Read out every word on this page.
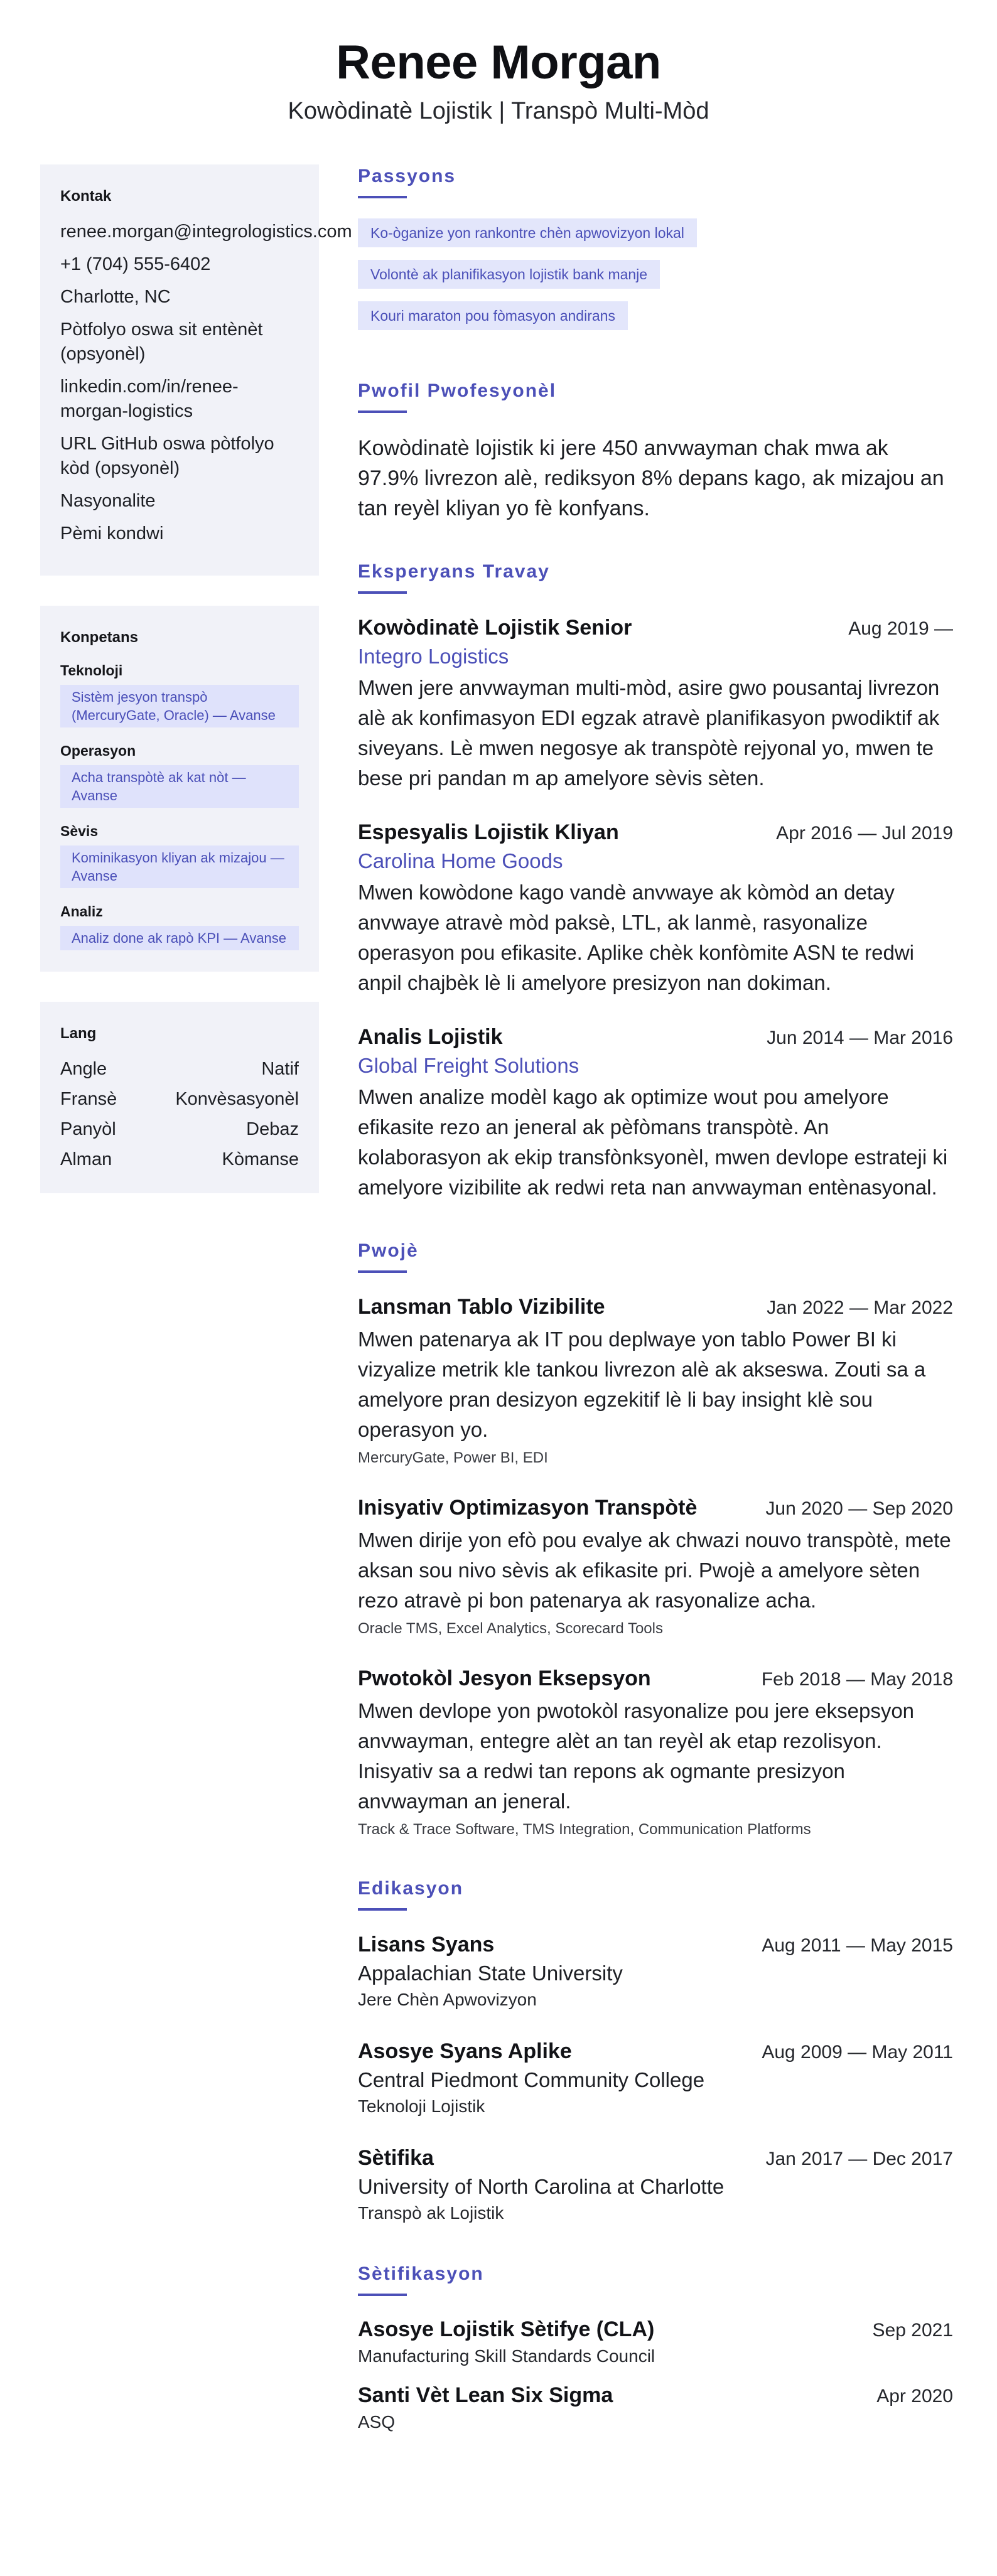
Renee Morgan
Kowòdinatè Lojistik | Transpò Multi-Mòd
Kontak
renee.morgan@integrologistics.com
+1 (704) 555-6402
Charlotte, NC
Pòtfolyo oswa sit entènèt (opsyonèl)
linkedin.com/in/renee-morgan-logistics
URL GitHub oswa pòtfolyo kòd (opsyonèl)
Nasyonalite
Pèmi kondwi
Konpetans
Teknoloji
Sistèm jesyon transpò (MercuryGate, Oracle) — Avanse
Operasyon
Acha transpòtè ak kat nòt — Avanse
Sèvis
Kominikasyon kliyan ak mizajou — Avanse
Analiz
Analiz done ak rapò KPI — Avanse
Lang
Angle	Natif
Fransè	Konvèsasyonèl
Panyòl	Debaz
Alman	Kòmanse
Passyons
Ko-òganize yon rankontre chèn apwovizyon lokal
Volontè ak planifikasyon lojistik bank manje
Kouri maraton pou fòmasyon andirans
Pwofil Pwofesyonèl

Kowòdinatè lojistik ki jere 450 anvwayman chak mwa ak 97.9% livrezon alè, rediksyon 8% depans kago, ak mizajou an tan reyèl kliyan yo fè konfyans.

Eksperyans Travay
Kowòdinatè Lojistik Senior	Aug 2019 —
Integro Logistics

Mwen jere anvwayman multi-mòd, asire gwo pousantaj livrezon alè ak konfimasyon EDI egzak atravè planifikasyon pwodiktif ak siveyans. Lè mwen negosye ak transpòtè rejyonal yo, mwen te bese pri pandan m ap amelyore sèvis sèten.

Espesyalis Lojistik Kliyan	Apr 2016 — Jul 2019
Carolina Home Goods

Mwen kowòdone kago vandè anvwaye ak kòmòd an detay anvwaye atravè mòd paksè, LTL, ak lanmè, rasyonalize operasyon pou efikasite. Aplike chèk konfòmite ASN te redwi anpil chajbèk lè li amelyore presizyon nan dokiman.

Analis Lojistik	Jun 2014 — Mar 2016
Global Freight Solutions

Mwen analize modèl kago ak optimize wout pou amelyore efikasite rezo an jeneral ak pèfòmans transpòtè. An kolaborasyon ak ekip transfònksyonèl, mwen devlope estrateji ki amelyore vizibilite ak redwi reta nan anvwayman entènasyonal.

Pwojè
Lansman Tablo Vizibilite	Jan 2022 — Mar 2022

Mwen patenarya ak IT pou deplwaye yon tablo Power BI ki vizyalize metrik kle tankou livrezon alè ak akseswa. Zouti sa a amelyore pran desizyon egzekitif lè li bay insight klè sou operasyon yo.

MercuryGate, Power BI, EDI
Inisyativ Optimizasyon Transpòtè	Jun 2020 — Sep 2020

Mwen dirije yon efò pou evalye ak chwazi nouvo transpòtè, mete aksan sou nivo sèvis ak efikasite pri. Pwojè a amelyore sèten rezo atravè pi bon patenarya ak rasyonalize acha.

Oracle TMS, Excel Analytics, Scorecard Tools
Pwotokòl Jesyon Eksepsyon	Feb 2018 — May 2018

Mwen devlope yon pwotokòl rasyonalize pou jere eksepsyon anvwayman, entegre alèt an tan reyèl ak etap rezolisyon. Inisyativ sa a redwi tan repons ak ogmante presizyon anvwayman an jeneral.

Track & Trace Software, TMS Integration, Communication Platforms
Edikasyon
Lisans Syans	Aug 2011 — May 2015
Appalachian State University
Jere Chèn Apwovizyon
Asosye Syans Aplike	Aug 2009 — May 2011
Central Piedmont Community College
Teknoloji Lojistik
Sètifika	Jan 2017 — Dec 2017
University of North Carolina at Charlotte
Transpò ak Lojistik
Sètifikasyon
Asosye Lojistik Sètifye (CLA)	Sep 2021
Manufacturing Skill Standards Council
Santi Vèt Lean Six Sigma	Apr 2020
ASQ
